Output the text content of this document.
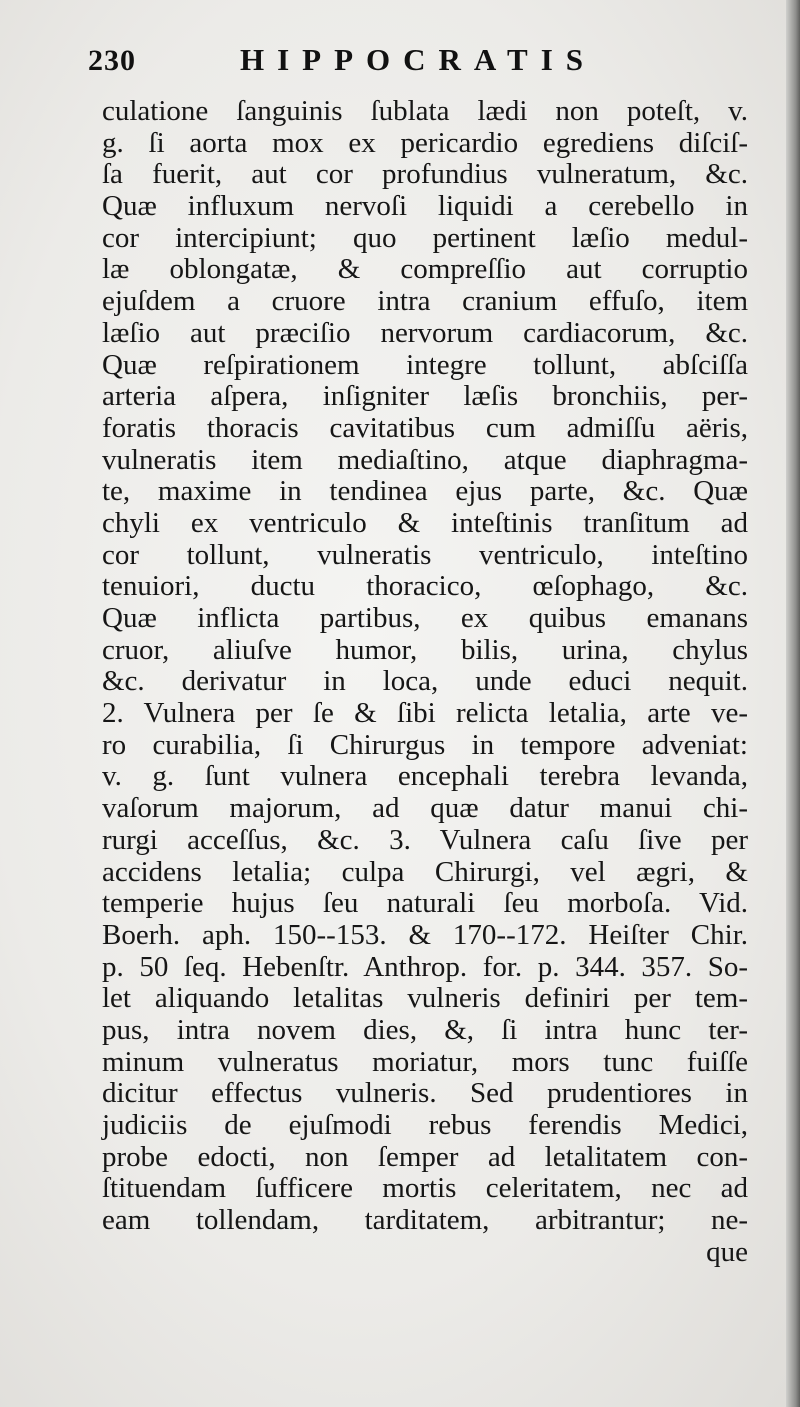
230	HIPPOCRATIS
culatione ſanguinis ſublata lædi non poteſt, v.
g. ſi aorta mox ex pericardio egrediens diſciſ-
ſa fuerit, aut cor profundius vulneratum, &c.
Quæ influxum nervoſi liquidi a cerebello in
cor intercipiunt; quo pertinent læſio medul-
læ oblongatæ, & compreſſio aut corruptio
ejuſdem a cruore intra cranium effuſo, item
læſio aut præciſio nervorum cardiacorum, &c.
Quæ reſpirationem integre tollunt, abſciſſa
arteria aſpera, inſigniter læſis bronchiis, per-
foratis thoracis cavitatibus cum admiſſu aëris,
vulneratis item mediaſtino, atque diaphragma-
te, maxime in tendinea ejus parte, &c. Quæ
chyli ex ventriculo & inteſtinis tranſitum ad
cor tollunt, vulneratis ventriculo, inteſtino
tenuiori, ductu thoracico, œſophago, &c.
Quæ inflicta partibus, ex quibus emanans
cruor, aliuſve humor, bilis, urina, chylus
&c. derivatur in loca, unde educi nequit.
2. Vulnera per ſe & ſibi relicta letalia, arte ve-
ro curabilia, ſi Chirurgus in tempore adveniat:
v. g. ſunt vulnera encephali terebra levanda,
vaſorum majorum, ad quæ datur manui chi-
rurgi acceſſus, &c. 3. Vulnera caſu ſive per
accidens letalia; culpa Chirurgi, vel ægri, &
temperie hujus ſeu naturali ſeu morboſa. Vid.
Boerh. aph. 150--153. & 170--172. Heiſter Chir.
p. 50 ſeq. Hebenſtr. Anthrop. for. p. 344. 357. So-
let aliquando letalitas vulneris definiri per tem-
pus, intra novem dies, &, ſi intra hunc ter-
minum vulneratus moriatur, mors tunc fuiſſe
dicitur effectus vulneris. Sed prudentiores in
judiciis de ejuſmodi rebus ferendis Medici,
probe edocti, non ſemper ad letalitatem con-
ſtituendam ſufficere mortis celeritatem, nec ad
eam tollendam, tarditatem, arbitrantur; ne-
que
